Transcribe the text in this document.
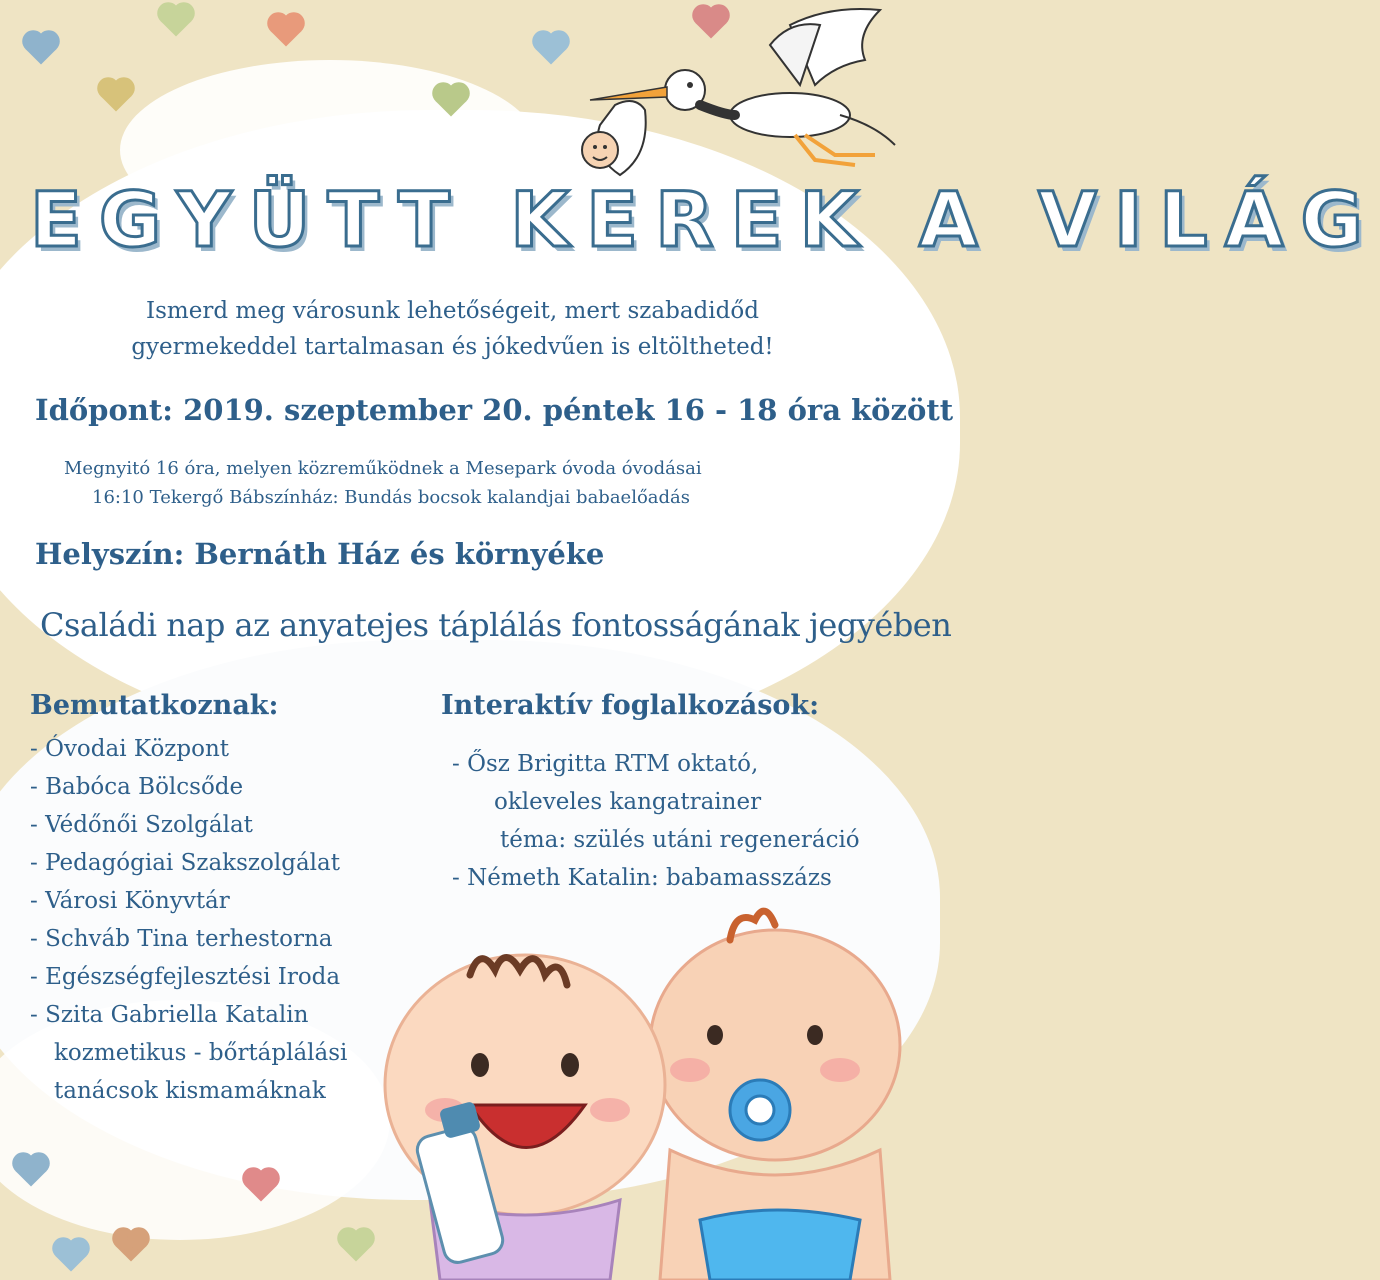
EGYÜTT KEREK A VILÁG
Ismerd meg városunk lehetőségeit, mert szabadidőd
gyermekeddel tartalmasan és jókedvűen is eltöltheted!
Időpont: 2019. szeptember 20. péntek 16 - 18 óra között
Megnyitó 16 óra, melyen közreműködnek a Mesepark óvoda óvodásai
16:10 Tekergő Bábszínház: Bundás bocsok kalandjai babaelőadás
Helyszín: Bernáth Ház és környéke
Családi nap az anyatejes táplálás fontosságának jegyében
Bemutatkoznak:
- Óvodai Központ
- Babóca Bölcsőde
- Védőnői Szolgálat
- Pedagógiai Szakszolgálat
- Városi Könyvtár
- Schváb Tina terhestorna
- Egészségfejlesztési Iroda
- Szita Gabriella Katalin
kozmetikus - bőrtáplálási
tanácsok kismamáknak
Interaktív foglalkozások:
- Ősz Brigitta RTM oktató,
okleveles kangatrainer
téma: szülés utáni regeneráció
- Németh Katalin: babamasszázs
